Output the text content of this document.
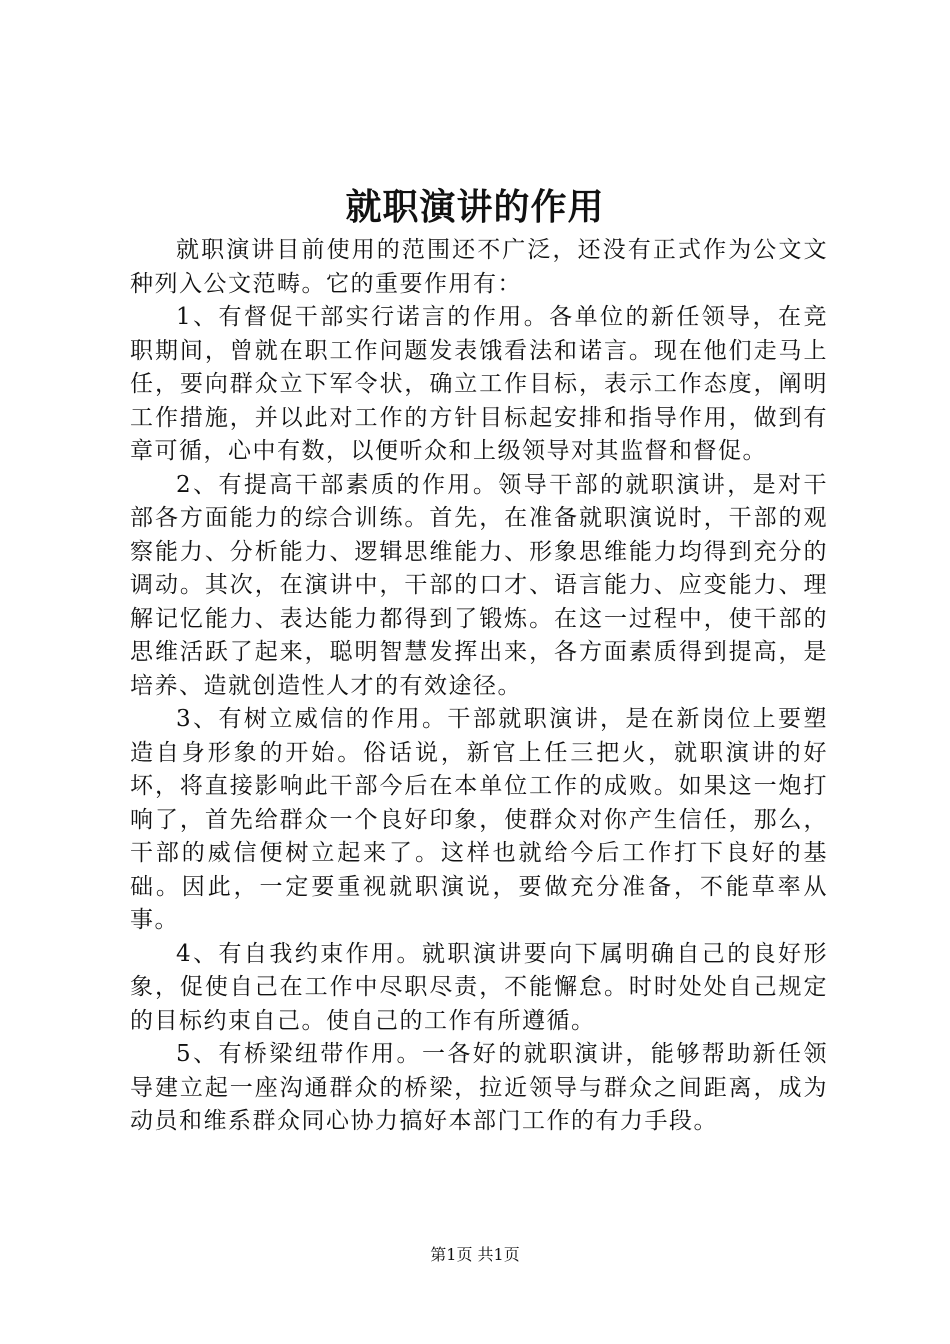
就职演讲的作用

就职演讲目前使用的范围还不广泛，还没有正式作为公文文种列入公文范畴。它的重要作用有：

1、有督促干部实行诺言的作用。各单位的新任领导，在竞职期间，曾就在职工作问题发表饿看法和诺言。现在他们走马上任，要向群众立下军令状，确立工作目标，表示工作态度，阐明工作措施，并以此对工作的方针目标起安排和指导作用，做到有章可循，心中有数，以便听众和上级领导对其监督和督促。

2、有提高干部素质的作用。领导干部的就职演讲，是对干部各方面能力的综合训练。首先，在准备就职演说时，干部的观察能力、分析能力、逻辑思维能力、形象思维能力均得到充分的调动。其次，在演讲中，干部的口才、语言能力、应变能力、理解记忆能力、表达能力都得到了锻炼。在这一过程中，使干部的思维活跃了起来，聪明智慧发挥出来，各方面素质得到提高，是培养、造就创造性人才的有效途径。

3、有树立威信的作用。干部就职演讲，是在新岗位上要塑造自身形象的开始。俗话说，新官上任三把火，就职演讲的好坏，将直接影响此干部今后在本单位工作的成败。如果这一炮打响了，首先给群众一个良好印象，使群众对你产生信任，那么，干部的威信便树立起来了。这样也就给今后工作打下良好的基础。因此，一定要重视就职演说，要做充分准备，不能草率从事。

4、有自我约束作用。就职演讲要向下属明确自己的良好形象，促使自己在工作中尽职尽责，不能懈怠。时时处处自己规定的目标约束自己。使自己的工作有所遵循。

5、有桥梁纽带作用。一各好的就职演讲，能够帮助新任领导建立起一座沟通群众的桥梁，拉近领导与群众之间距离，成为动员和维系群众同心协力搞好本部门工作的有力手段。

第1页 共1页
